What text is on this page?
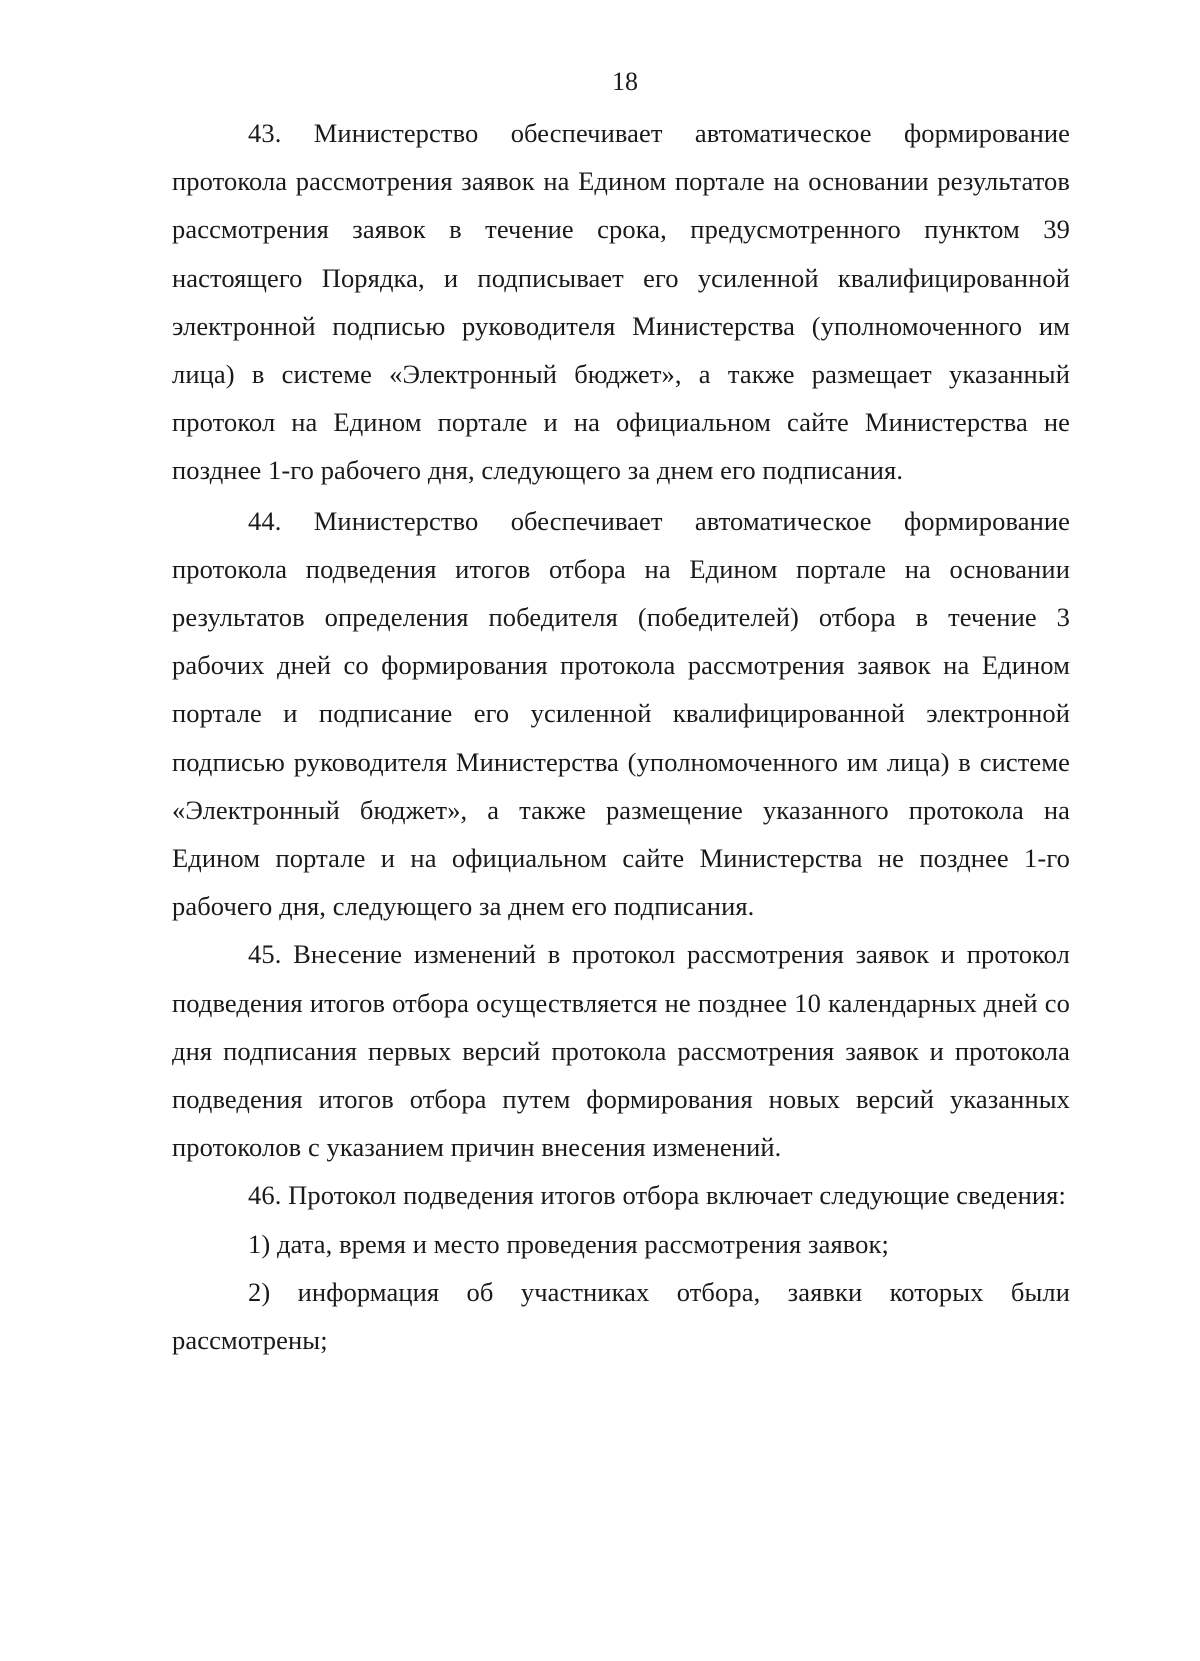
18

43. Министерство обеспечивает автоматическое формирование протокола рассмотрения заявок на Едином портале на основании результатов рассмотрения заявок в течение срока, предусмотренного пунктом 39 настоящего Порядка, и подписывает его усиленной квалифицированной электронной подписью руководителя Министерства (уполномоченного им лица) в системе «Электронный бюджет», а также размещает указанный протокол на Едином портале и на официальном сайте Министерства не позднее 1-го рабочего дня, следующего за днем его подписания.

44. Министерство обеспечивает автоматическое формирование протокола подведения итогов отбора на Едином портале на основании результатов определения победителя (победителей) отбора в течение 3 рабочих дней со формирования протокола рассмотрения заявок на Едином портале и подписание его усиленной квалифицированной электронной подписью руководителя Министерства (уполномоченного им лица) в системе «Электронный бюджет», а также размещение указанного протокола на Едином портале и на официальном сайте Министерства не позднее 1-го рабочего дня, следующего за днем его подписания.

45. Внесение изменений в протокол рассмотрения заявок и протокол подведения итогов отбора осуществляется не позднее 10 календарных дней со дня подписания первых версий протокола рассмотрения заявок и протокола подведения итогов отбора путем формирования новых версий указанных протоколов с указанием причин внесения изменений.

46. Протокол подведения итогов отбора включает следующие сведения:

1) дата, время и место проведения рассмотрения заявок;

2) информация об участниках отбора, заявки которых были рассмотрены;
